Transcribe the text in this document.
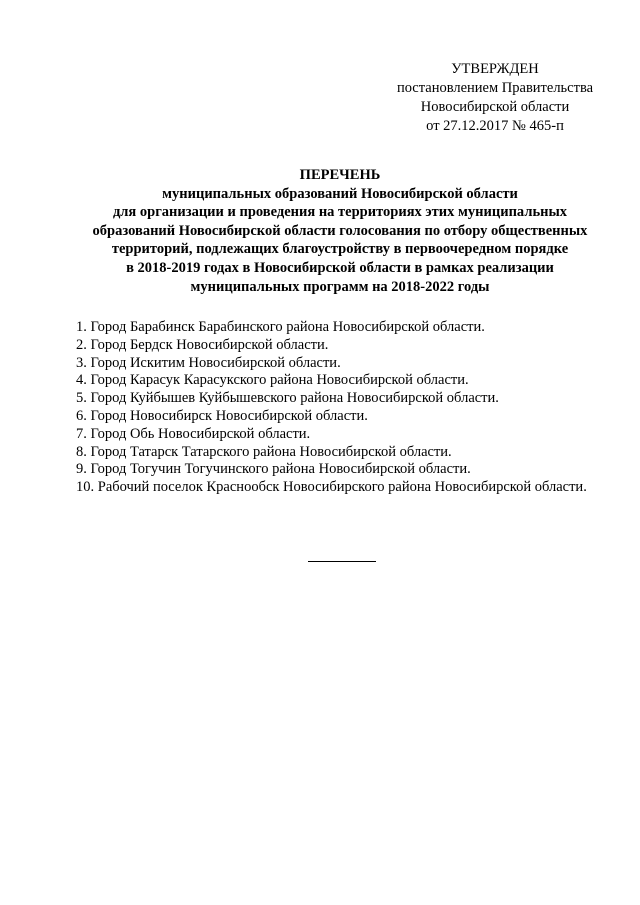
УТВЕРЖДЕН
постановлением Правительства
Новосибирской области
от 27.12.2017 № 465-п
ПЕРЕЧЕНЬ
муниципальных образований Новосибирской области
для организации и проведения на территориях этих муниципальных
образований Новосибирской области голосования по отбору общественных
территорий, подлежащих благоустройству в первоочередном порядке
в 2018-2019 годах в Новосибирской области в рамках реализации
муниципальных программ на 2018-2022 годы
1. Город Барабинск Барабинского района Новосибирской области.
2. Город Бердск Новосибирской области.
3. Город Искитим Новосибирской области.
4. Город Карасук Карасукского района Новосибирской области.
5. Город Куйбышев Куйбышевского района Новосибирской области.
6. Город Новосибирск Новосибирской области.
7. Город Обь Новосибирской области.
8. Город Татарск Татарского района Новосибирской области.
9. Город Тогучин Тогучинского района Новосибирской области.
10. Рабочий поселок Краснообск Новосибирского района Новосибирской области.
